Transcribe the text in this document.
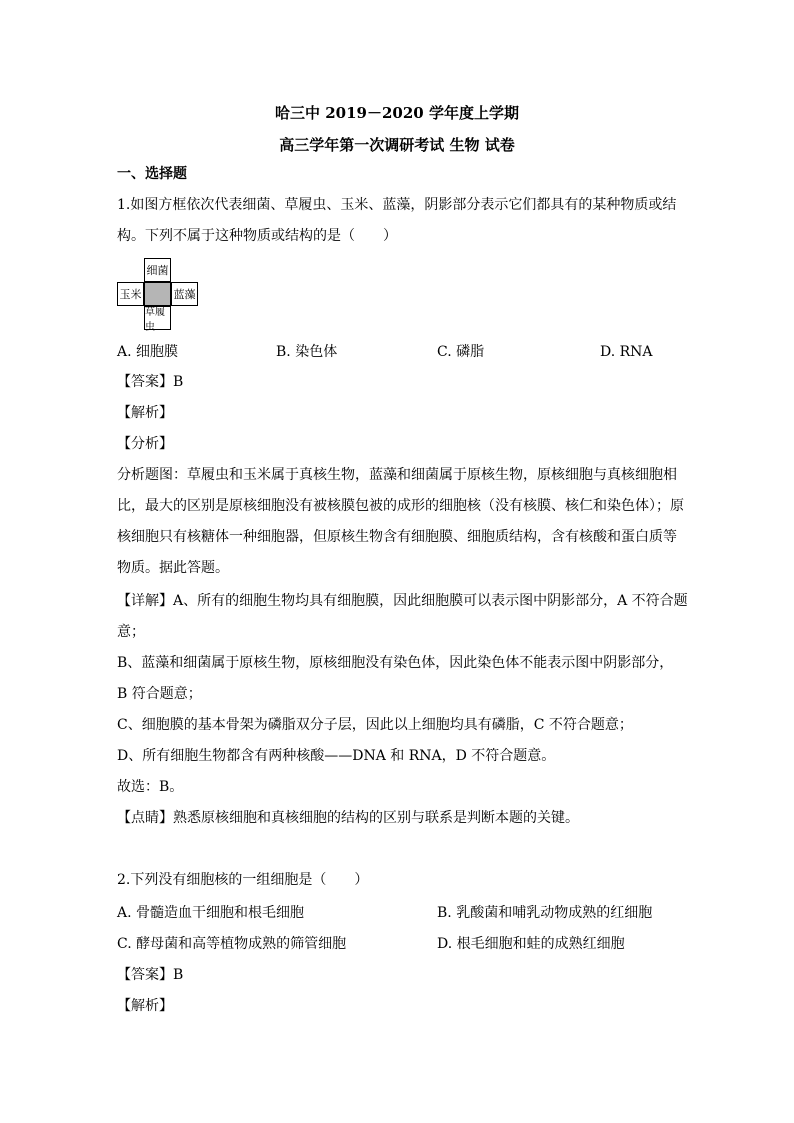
哈三中 2019－2020 学年度上学期
高三学年第一次调研考试 生物 试卷
一、选择题
1.如图方框依次代表细菌、草履虫、玉米、蓝藻，阴影部分表示它们都具有的某种物质或结
构。下列不属于这种物质或结构的是（　　）
细菌
玉米	蓝藻
草履虫
A. 细胞膜	B. 染色体	C. 磷脂	D. RNA
【答案】B
【解析】
【分析】
分析题图：草履虫和玉米属于真核生物，蓝藻和细菌属于原核生物，原核细胞与真核细胞相
比，最大的区别是原核细胞没有被核膜包被的成形的细胞核（没有核膜、核仁和染色体）；原
核细胞只有核糖体一种细胞器，但原核生物含有细胞膜、细胞质结构，含有核酸和蛋白质等
物质。据此答题。
【详解】A、所有的细胞生物均具有细胞膜，因此细胞膜可以表示图中阴影部分，A 不符合题
意；
B、蓝藻和细菌属于原核生物，原核细胞没有染色体，因此染色体不能表示图中阴影部分，
B 符合题意；
C、细胞膜的基本骨架为磷脂双分子层，因此以上细胞均具有磷脂，C 不符合题意；
D、所有细胞生物都含有两种核酸——DNA 和 RNA，D 不符合题意。
故选：B。
【点睛】熟悉原核细胞和真核细胞的结构的区别与联系是判断本题的关键。
2.下列没有细胞核的一组细胞是（　　）
A. 骨髓造血干细胞和根毛细胞	B. 乳酸菌和哺乳动物成熟的红细胞
C. 酵母菌和高等植物成熟的筛管细胞	D. 根毛细胞和蛙的成熟红细胞
【答案】B
【解析】
